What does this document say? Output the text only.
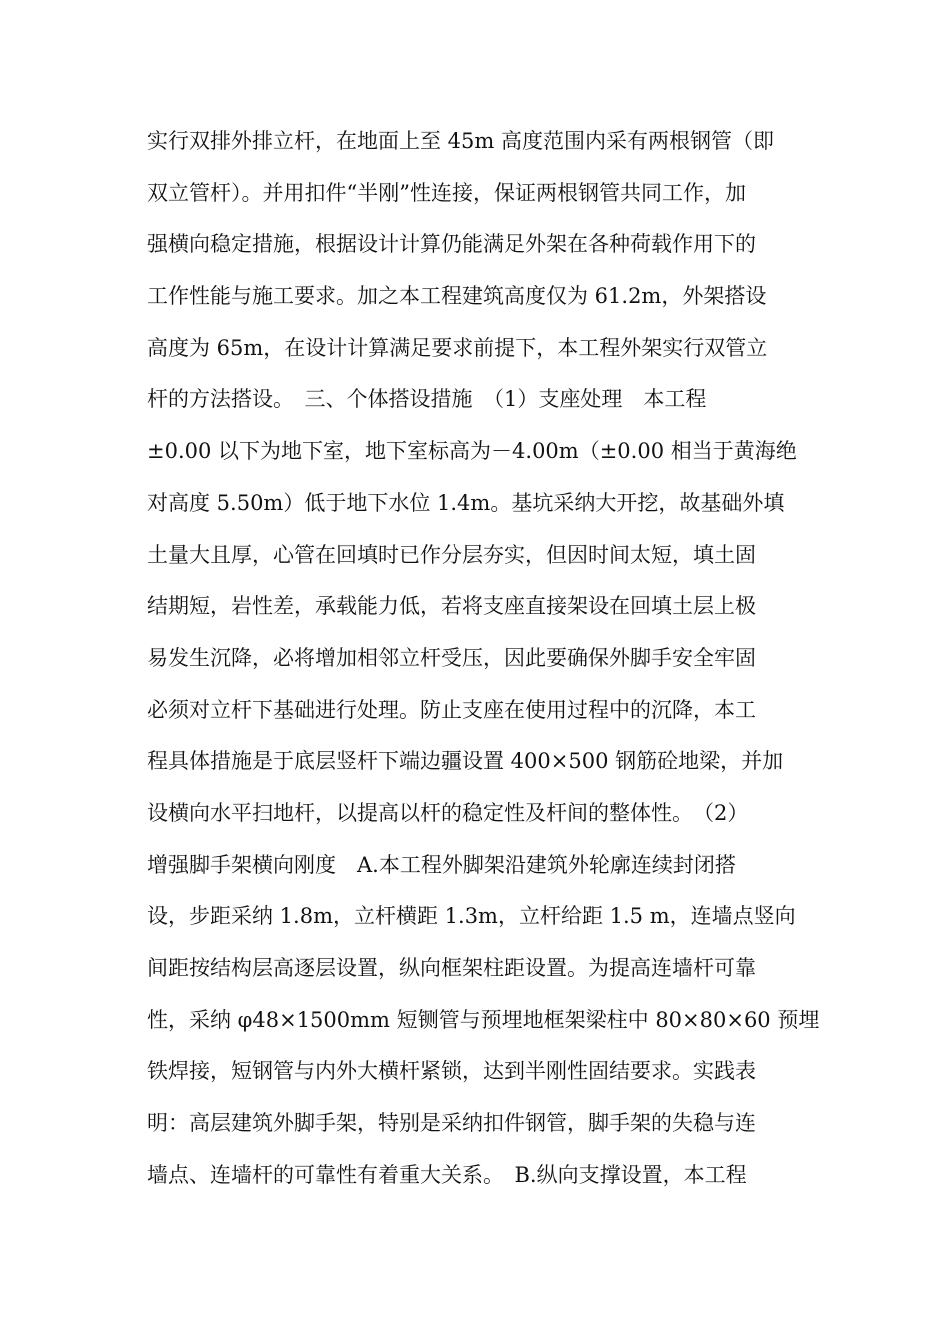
实行双排外排立杆，在地面上至 45m 高度范围内采有两根钢管（即
双立管杆）。并用扣件“半刚”性连接，保证两根钢管共同工作，加
强横向稳定措施，根据设计计算仍能满足外架在各种荷载作用下的
工作性能与施工要求。加之本工程建筑高度仅为 61.2m，外架搭设
高度为 65m，在设计计算满足要求前提下，本工程外架实行双管立
杆的方法搭设。　三、个体搭设措施　（1）支座处理　本工程
±0.00 以下为地下室，地下室标高为－4.00m（±0.00 相当于黄海绝
对高度 5.50m）低于地下水位 1.4m。基坑采纳大开挖，故基础外填
土量大且厚，心管在回填时已作分层夯实，但因时间太短，填土固
结期短，岩性差，承载能力低，若将支座直接架设在回填土层上极
易发生沉降，必将增加相邻立杆受压，因此要确保外脚手安全牢固
必须对立杆下基础进行处理。防止支座在使用过程中的沉降，本工
程具体措施是于底层竖杆下端边疆设置 400×500 钢筋砼地梁，并加
设横向水平扫地杆，以提高以杆的稳定性及杆间的整体性。　（2）
增强脚手架横向刚度　A.本工程外脚架沿建筑外轮廓连续封闭搭
设，步距采纳 1.8m，立杆横距 1.3m，立杆给距 1.5 m，连墙点竖向
间距按结构层高逐层设置，纵向框架柱距设置。为提高连墙杆可靠
性，采纳 φ48×1500mm 短铡管与预埋地框架梁柱中 80×80×60 预埋
铁焊接，短钢管与内外大横杆紧锁，达到半刚性固结要求。实践表
明：高层建筑外脚手架，特别是采纳扣件钢管，脚手架的失稳与连
墙点、连墙杆的可靠性有着重大关系。　B.纵向支撑设置，本工程
